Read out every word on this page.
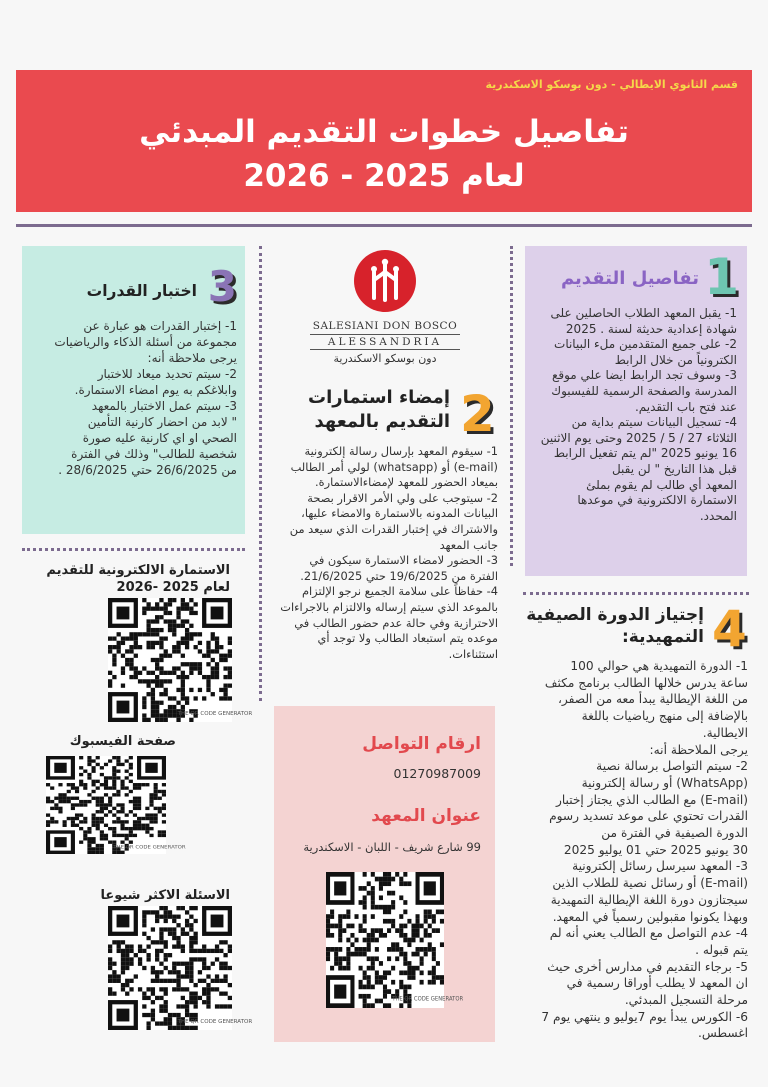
قسم الثانوي الايطالي - دون بوسكو الاسكندرية
تفاصيل خطوات التقديم المبدئي
لعام 2025 - 2026
1
تفاصيل التقديم

1- يقبل المعهد الطلاب الحاصلين على

شهادة إعدادية حديثة لسنة . 2025

2- على جميع المتقدمين ملء البيانات

الكترونياً من خلال الرابط

3- وسوف تجد الرابط ايضا علي موقع

المدرسة والصفحة الرسمية للفيسبوك

عند فتح باب التقديم.

4- تسجيل البيانات سيتم بداية من

الثلاثاء 27 / 5 / 2025 وحتى يوم الاثنين

16 يونيو 2025 "لم يتم تفعيل الرابط

قبل هذا التاريخ " لن يقبل

المعهد أي طالب لم يقوم بملئ

الاستمارة الالكترونية في موعدها

المحدد.

SALESIANI DON BOSCO
ALESSANDRIA
دون بوسكو الاسكندرية
2
إمضاء استمارات
التقديم بالمعهد

1- سيقوم المعهد بإرسال رسالة إلكترونية

(e-mail) أو (whatsapp) لولي أمر الطالب

بميعاد الحضور للمعهد لإمضاءالاستمارة.

2- سيتوجب على ولي الأمر الاقرار بصحة

البيانات المدونه بالاستمارة والامضاء عليها،

والاشتراك في إختبار القدرات الذي سيعد من

جانب المعهد

3- الحضور لامضاء الاستمارة سيكون في

الفترة من 19/6/2025 حتي 21/6/2025.

4- حفاظاً على سلامة الجميع نرجو الإلتزام

بالموعد الذي سيتم إرساله والالتزام بالاجراءات

الاحترازية وفي حالة عدم حضور الطالب في

موعده يتم استبعاد الطالب ولا توجد أي

استثناءات.

3
اختبار القدرات

1- إختبار القدرات هو عبارة عن

مجموعة من أسئلة الذكاء والرياضيات

يرجى ملاحظة أنه:

2- سيتم تحديد ميعاد للاختبار

وابلاغكم به يوم امضاء الاستمارة.

3- سيتم عمل الاختبار بالمعهد

" لابد من احضار كارنية التأمين

الصحي او اي كارنية عليه صورة

شخصية للطالب" وذلك في الفترة

من 26/6/2025 حتي 28/6/2025 .

الاستمارة الالكترونية للتقديم
لعام 2025 -2026
THE QR CODE GENERATOR
صفحة الفيسبوك
THE QR CODE GENERATOR
الاسئلة الاكثر شيوعا
THE QR CODE GENERATOR
ارقام التواصل
01270987009
عنوان المعهد
99 شارع شريف - اللبان - الاسكندرية
THE QR CODE GENERATOR
4
إجتياز الدورة الصيفية
التمهيدية:

1- الدورة التمهيدية هي حوالي 100

ساعة يدرس خلالها الطالب برنامج مكثف

من اللغة الإيطالية يبدأ معه من الصفر،

بالإضافة إلى منهج رياضيات باللغة

الايطالية.

يرجى الملاحظة أنه:

2- سيتم التواصل برسالة نصية

(WhatsApp) أو رسالة إلكترونية

(E-mail) مع الطالب الذي يجتاز إختبار

القدرات تحتوي على موعد تسديد رسوم

الدورة الصيفية في الفترة من

30 يونيو 2025 حتي 01 يوليو 2025

3- المعهد سيرسل رسائل إلكترونية

(E-mail) أو رسائل نصية للطلاب الذين

سيجتازون دورة اللغة الإيطالية التمهيدية

وبهذا يكونوا مقبولين رسمياً في المعهد.

4- عدم التواصل مع الطالب يعني أنه لم

يتم قبوله .

5- برجاء التقديم في مدارس أخرى حيث

ان المعهد لا يطلب أوراقا رسمية في

مرحلة التسجيل المبدئي.

6- الكورس يبدأ يوم 7يوليو و ينتهي يوم 7

اغسطس.
